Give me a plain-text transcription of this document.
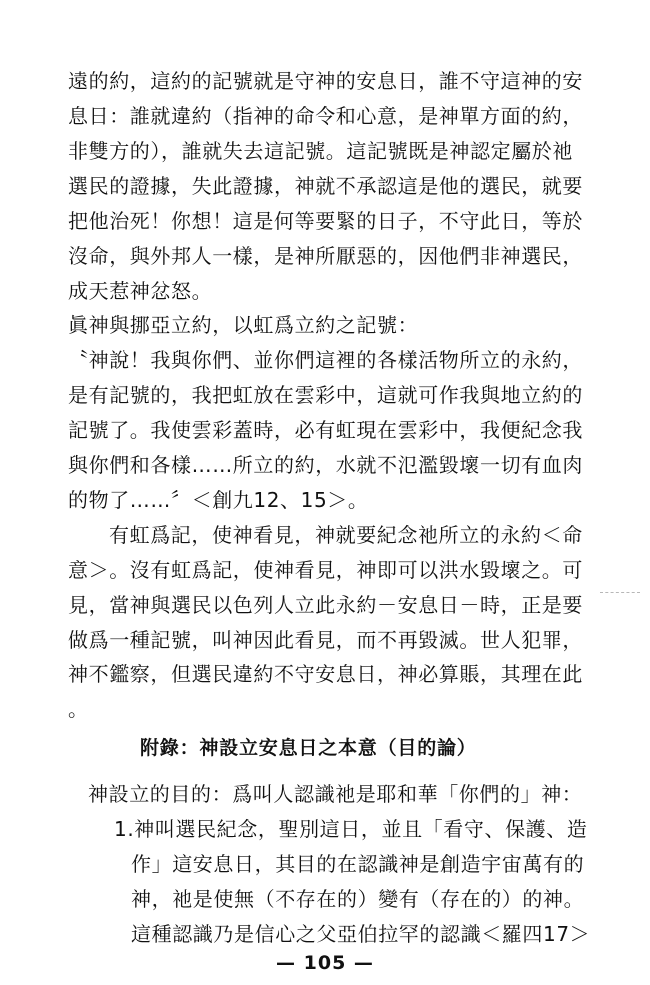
遠的約，這約的記號就是守神的安息日，誰不守這神的安
息日：誰就違約（指神的命令和心意，是神單方面的約，
非雙方的），誰就失去這記號。這記號既是神認定屬於祂
選民的證據，失此證據，神就不承認這是他的選民，就要
把他治死！你想！這是何等要緊的日子，不守此日，等於
沒命，與外邦人一樣，是神所厭惡的，因他們非神選民，
成天惹神忿怒。
眞神與挪亞立約，以虹爲立約之記號：
〝神說！我與你們、並你們這裡的各樣活物所立的永約，
是有記號的，我把虹放在雲彩中，這就可作我與地立約的
記號了。我使雲彩蓋時，必有虹現在雲彩中，我便紀念我
與你們和各樣……所立的約，水就不氾濫毀壞一切有血肉
的物了……〞＜創九12、15＞。
有虹爲記，使神看見，神就要紀念祂所立的永約＜命
意＞。沒有虹爲記，使神看見，神即可以洪水毀壞之。可
見，當神與選民以色列人立此永約－安息日－時，正是要
做爲一種記號，叫神因此看見，而不再毀滅。世人犯罪，
神不鑑察，但選民違約不守安息日，神必算賬，其理在此
。
附錄：神設立安息日之本意（目的論）
神設立的目的：爲叫人認識祂是耶和華「你們的」神：
1.神叫選民紀念，聖別這日，並且「看守、保護、造
作」這安息日，其目的在認識神是創造宇宙萬有的
神，祂是使無（不存在的）變有（存在的）的神。
這種認識乃是信心之父亞伯拉罕的認識＜羅四17＞
— 105 —
